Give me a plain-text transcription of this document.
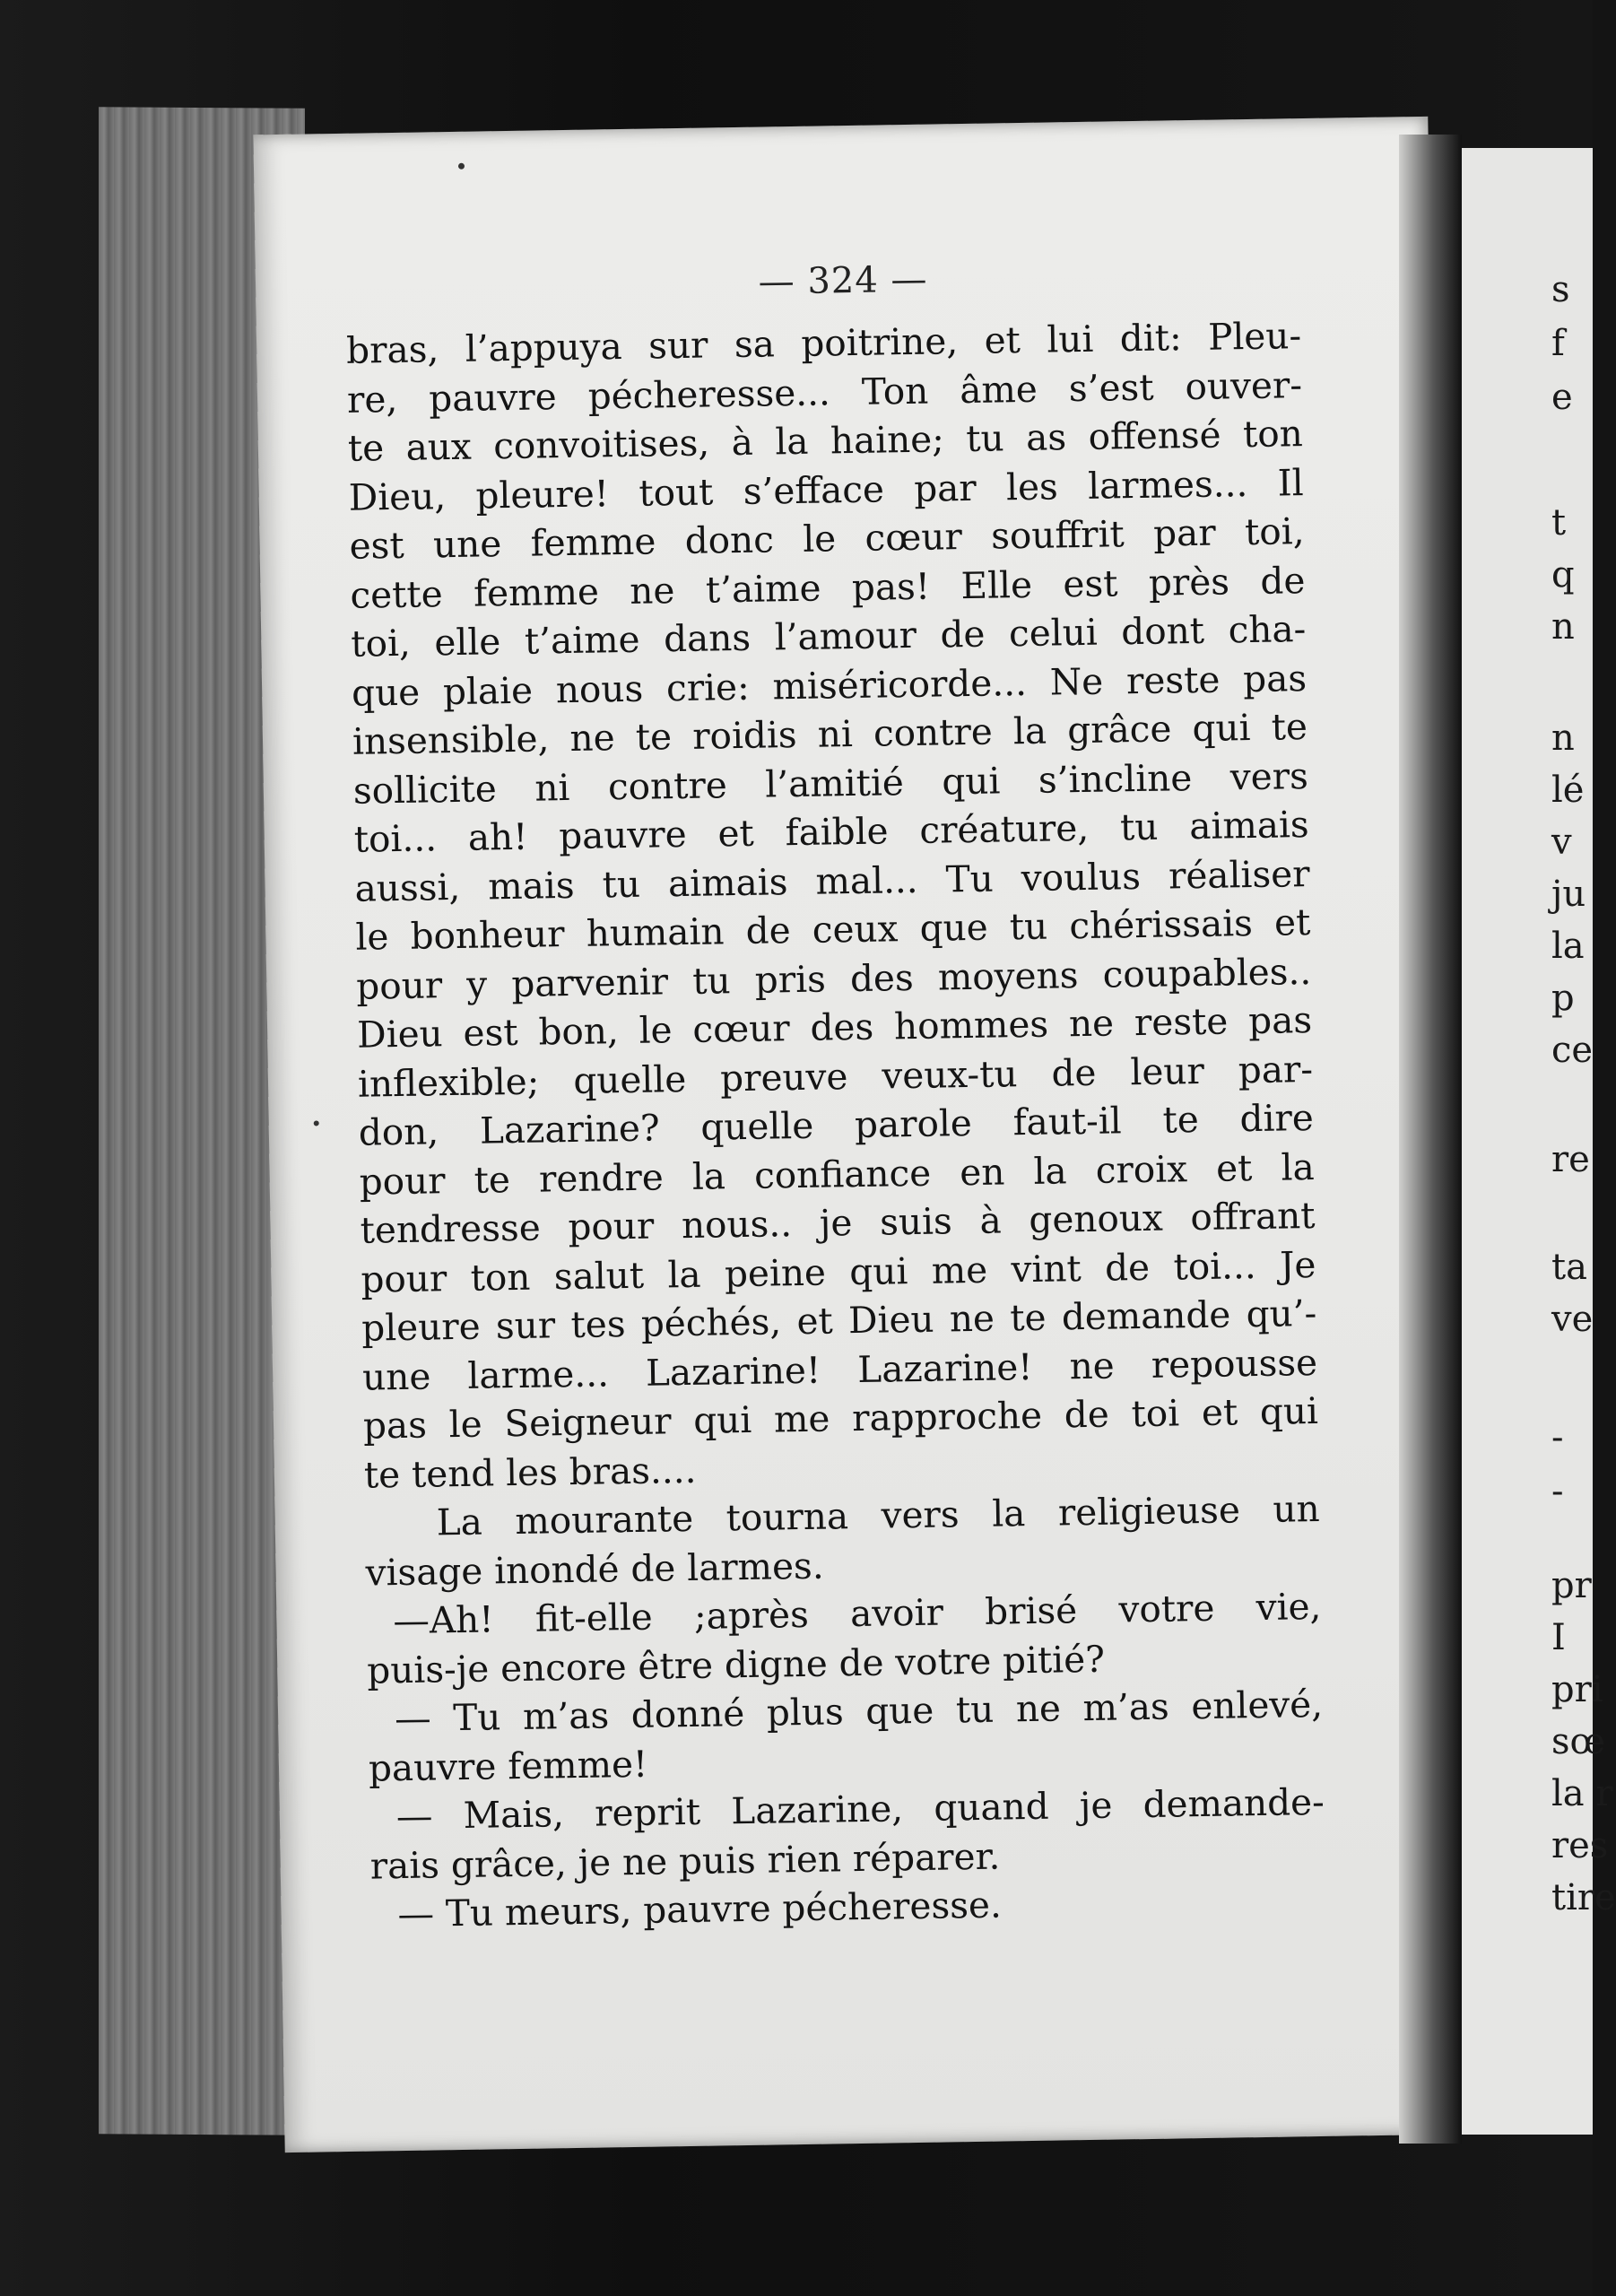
— 324 —
bras, l’appuya sur sa poitrine, et lui dit: Pleu-
re, pauvre pécheresse... Ton âme s’est ouver-
te aux convoitises, à la haine; tu as offensé ton
Dieu, pleure! tout s’efface par les larmes... Il
est une femme donc le cœur souffrit par toi,
cette femme ne t’aime pas! Elle est près de
toi, elle t’aime dans l’amour de celui dont cha-
que plaie nous crie: miséricorde... Ne reste pas
insensible, ne te roidis ni contre la grâce qui te
sollicite ni contre l’amitié qui s’incline vers
toi... ah! pauvre et faible créature, tu aimais
aussi, mais tu aimais mal... Tu voulus réaliser
le bonheur humain de ceux que tu chérissais et
pour y parvenir tu pris des moyens coupables..
Dieu est bon, le cœur des hommes ne reste pas
inflexible; quelle preuve veux-tu de leur par-
don, Lazarine? quelle parole faut-il te dire
pour te rendre la confiance en la croix et la
tendresse pour nous.. je suis à genoux offrant
pour ton salut la peine qui me vint de toi... Je
pleure sur tes péchés, et Dieu ne te demande qu’-
une larme... Lazarine! Lazarine! ne repousse
pas le Seigneur qui me rapproche de toi et qui
te tend les bras....
La mourante tourna vers la religieuse un
visage inondé de larmes.
—Ah! fit-elle ;après avoir brisé votre vie,
puis-je encore être digne de votre pitié?
— Tu m’as donné plus que tu ne m’as enlevé,
pauvre femme!
— Mais, reprit Lazarine, quand je demande-
rais grâce, je ne puis rien réparer.
— Tu meurs, pauvre pécheresse.
s
f
e
t
q
n
n
lé
v
ju
la
p
ce
re
ta
ve
-
-
pr
I
pri
sœ
la r
res
tire
